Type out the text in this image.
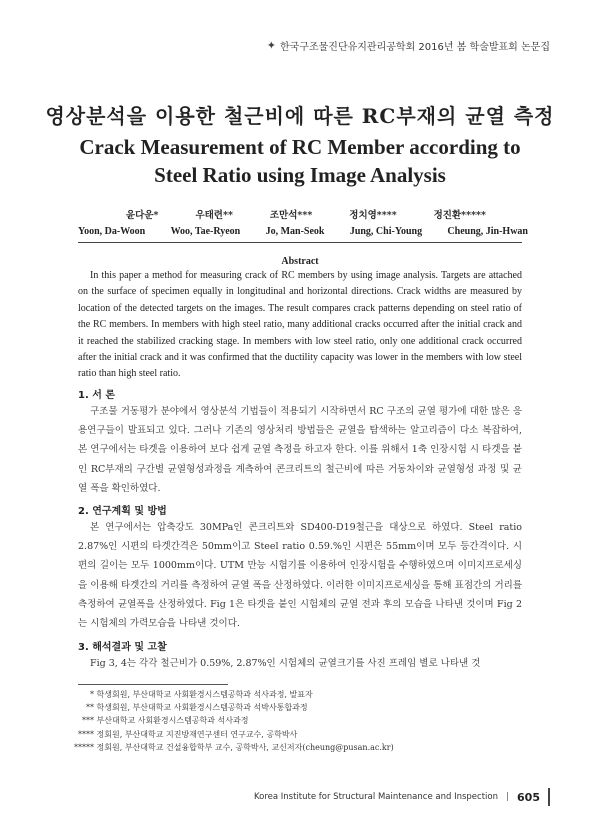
✦ 한국구조물진단유지관리공학회 2016년 봄 학술발표회 논문집
영상분석을 이용한 철근비에 따른 RC부재의 균열 측정
Crack Measurement of RC Member according to Steel Ratio using Image Analysis
윤다운*	우태련**	조만석***	정치영****	정진환*****
Yoon, Da-Woon	Woo, Tae-Ryeon	Jo, Man-Seok	Jung, Chi-Young	Cheung, Jin-Hwan
Abstract

In this paper a method for measuring crack of RC members by using image analysis. Targets are attached on the surface of specimen equally in longitudinal and horizontal directions. Crack widths are measured by location of the detected targets on the images. The result compares crack patterns depending on steel ratio of the RC members. In members with high steel ratio, many additional cracks occurred after the initial crack and it reached the stabilized cracking stage. In members with low steel ratio, only one additional crack occurred after the initial crack and it was confirmed that the ductility capacity was lower in the members with low steel ratio than high steel ratio.

1. 서 론

구조물 거동평가 분야에서 영상분석 기법들이 적용되기 시작하면서 RC 구조의 균열 평가에 대한 많은 응용연구들이 발표되고 있다. 그러나 기존의 영상처리 방법들은 균열을 탐색하는 알고리즘이 다소 복잡하여, 본 연구에서는 타겟을 이용하여 보다 쉽게 균열 측정을 하고자 한다. 이를 위해서 1축 인장시험 시 타겟을 붙인 RC부재의 구간별 균열형성과정을 계측하여 콘크리트의 철근비에 따른 거동차이와 균열형성 과정 및 균열 폭을 확인하였다.

2. 연구계획 및 방법

본 연구에서는 압축강도 30MPa인 콘크리트와 SD400-D19철근을 대상으로 하였다. Steel ratio 2.87%인 시편의 타겟간격은 50mm이고 Steel ratio 0.59.%인 시편은 55mm이며 모두 등간격이다. 시편의 길이는 모두 1000mm이다. UTM 만능 시험기를 이용하여 인장시험을 수행하였으며 이미지프로세싱을 이용해 타겟간의 거리를 측정하여 균열 폭을 산정하였다. 이러한 이미지프로세싱을 통해 표점간의 거리를 측정하여 균열폭을 산정하였다. Fig 1은 타겟을 붙인 시험체의 균열 전과 후의 모습을 나타낸 것이며 Fig 2는 시험체의 가력모습을 나타낸 것이다.

3. 해석결과 및 고찰

Fig 3, 4는 각각 철근비가 0.59%, 2.87%인 시험체의 균열크기를 사진 프레임 별로 나타낸 것

* 학생회원, 부산대학교 사회환경시스템공학과 석사과정, 발표자
** 학생회원, 부산대학교 사회환경시스템공학과 석박사통합과정
*** 부산대학교 사회환경시스템공학과 석사과정
**** 정회원, 부산대학교 지진방재연구센터 연구교수, 공학박사
***** 정회원, 부산대학교 건설융합학부 교수, 공학박사, 교신저자(cheung@pusan.ac.kr)
Korea Institute for Structural Maintenance and Inspection | 605
